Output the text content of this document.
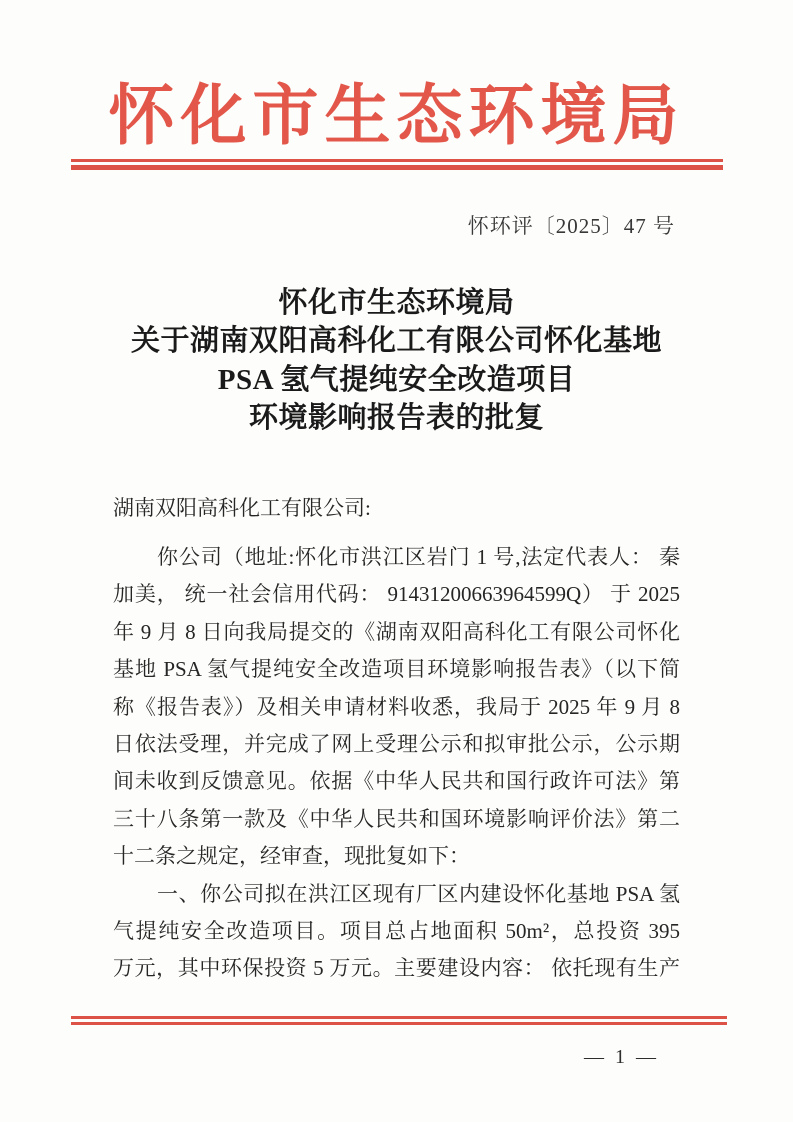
怀化市生态环境局
怀环评〔2025〕47 号
怀化市生态环境局
关于湖南双阳高科化工有限公司怀化基地
PSA 氢气提纯安全改造项目
环境影响报告表的批复
湖南双阳高科化工有限公司:
你公司（地址:怀化市洪江区岩门 1 号,法定代表人： 秦
加美， 统一社会信用代码： 91431200663964599Q） 于 2025
年 9 月 8 日向我局提交的《湖南双阳高科化工有限公司怀化
基地 PSA 氢气提纯安全改造项目环境影响报告表》（以下简
称《报告表》）及相关申请材料收悉，我局于 2025 年 9 月 8
日依法受理，并完成了网上受理公示和拟审批公示，公示期
间未收到反馈意见。依据《中华人民共和国行政许可法》第
三十八条第一款及《中华人民共和国环境影响评价法》第二
十二条之规定，经审查，现批复如下：
一、你公司拟在洪江区现有厂区内建设怀化基地 PSA 氢
气提纯安全改造项目。项目总占地面积 50m²，总投资 395
万元，其中环保投资 5 万元。主要建设内容： 依托现有生产
— 1 —
